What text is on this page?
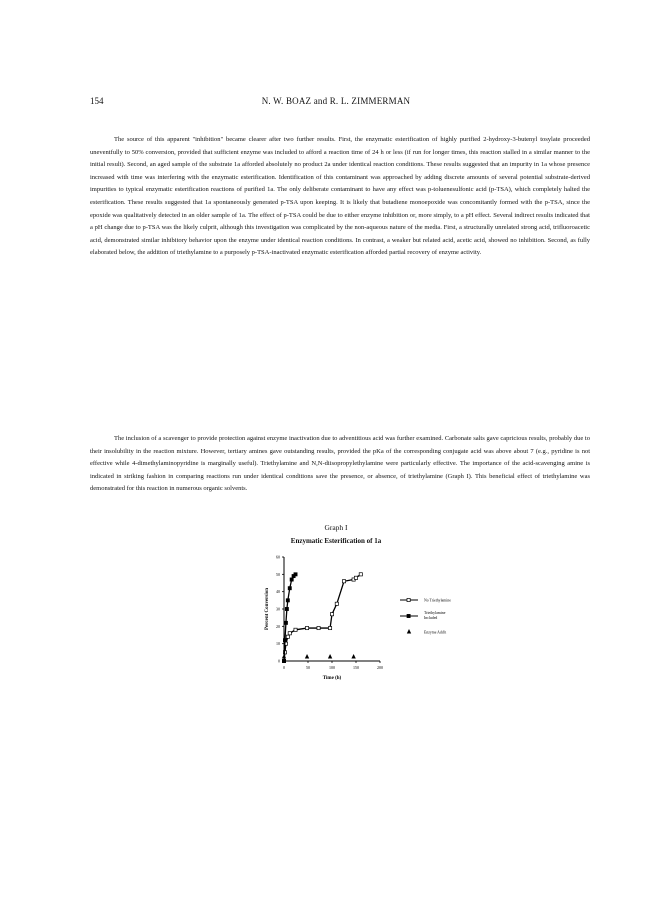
154	N. W. BOAZ and R. L. ZIMMERMAN

The source of this apparent "inhibition" became clearer after two further results. First, the enzymatic esterification of highly purified 2-hydroxy-3-butenyl tosylate proceeded uneventfully to 50% conversion, provided that sufficient enzyme was included to afford a reaction time of 24 h or less (if run for longer times, this reaction stalled in a similar manner to the initial result). Second, an aged sample of the substrate 1a afforded absolutely no product 2a under identical reaction conditions. These results suggested that an impurity in 1a whose presence increased with time was interfering with the enzymatic esterification. Identification of this contaminant was approached by adding discrete amounts of several potential substrate-derived impurities to typical enzymatic esterification reactions of purified 1a. The only deliberate contaminant to have any effect was p-toluenesulfonic acid (p-TSA), which completely halted the esterification. These results suggested that 1a spontaneously generated p-TSA upon keeping. It is likely that butadiene monoepoxide was concomitantly formed with the p-TSA, since the epoxide was qualitatively detected in an older sample of 1a. The effect of p-TSA could be due to either enzyme inhibition or, more simply, to a pH effect. Several indirect results indicated that a pH change due to p-TSA was the likely culprit, although this investigation was complicated by the non-aqueous nature of the media. First, a structurally unrelated strong acid, trifluoroacetic acid, demonstrated similar inhibitory behavior upon the enzyme under identical reaction conditions. In contrast, a weaker but related acid, acetic acid, showed no inhibition. Second, as fully elaborated below, the addition of triethylamine to a purposely p-TSA-inactivated enzymatic esterification afforded partial recovery of enzyme activity.

The inclusion of a scavenger to provide protection against enzyme inactivation due to adventitious acid was further examined. Carbonate salts gave capricious results, probably due to their insolubility in the reaction mixture. However, tertiary amines gave outstanding results, provided the pKa of the corresponding conjugate acid was above about 7 (e.g., pyridine is not effective while 4-dimethylaminopyridine is marginally useful). Triethylamine and N,N-diisopropylethylamine were particularly effective. The importance of the acid-scavenging amine is indicated in striking fashion in comparing reactions run under identical conditions save the presence, or absence, of triethylamine (Graph I). This beneficial effect of triethylamine was demonstrated for this reaction in numerous organic solvents.

Graph I
Enzymatic Esterification of 1a
0
10
20
30
40
50
60
0	50	100	150	200
Time (h)
Percent Conversion	No Triethylamine
Triethylamine
Included
Enzyme Add'n
